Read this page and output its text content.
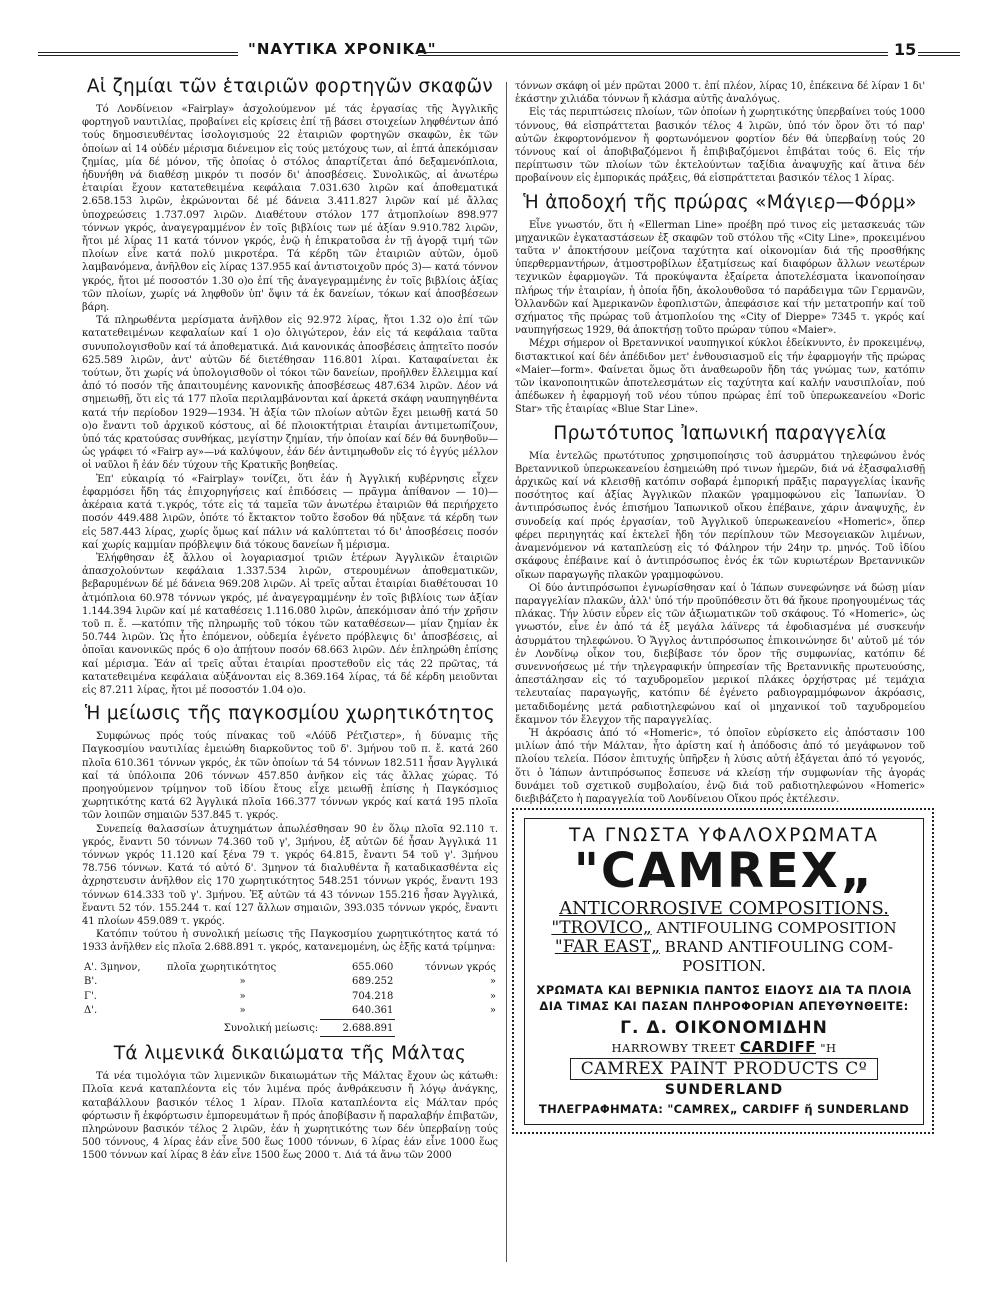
"ΝΑΥΤΙΚΑ ΧΡΟΝΙΚΑ"	15
Αἱ ζημίαι τῶν ἑταιριῶν φορτηγῶν σκαφῶν

Τό Λονδίνειον «Fairplay» ἀσχολούμενον μέ τάς ἐργασίας τῆς Ἀγγλικῆς φορτηγοῦ ναυτιλίας, προβαίνει εἰς κρίσεις ἐπί τῇ βάσει στοιχείων ληφθέντων ἀπό τούς δημοσιευθέντας ἰσολογισμούς 22 ἑταιριῶν φορτηγῶν σκαφῶν, ἐκ τῶν ὁποίων αἱ 14 οὐδέν μέρισμα διένειμον εἰς τούς μετόχους των, αἱ ἑπτά ἀπεκόμισαν ζημίας, μία δέ μόνον, τῆς ὁποίας ὁ στόλος ἀπαρτίζεται ἀπό δεξαμενόπλοια, ἠδυνήθη νά διαθέσῃ μικρόν τι ποσόν δι' ἀποσβέσεις. Συνολικῶς, αἱ ἀνωτέρω ἑταιρίαι ἔχουν κατατεθειμένα κεφάλαια 7.031.630 λιρῶν καί ἀποθεματικά 2.658.153 λιρῶν, ἐκρώνονται δέ μέ δάνεια 3.411.827 λιρῶν καί μέ ἄλλας ὑποχρεώσεις 1.737.097 λιρῶν. Διαθέτουν στόλον 177 ἀτμοπλοίων 898.977 τόννων γκρός, ἀναγεγραμμένον ἐν τοῖς βιβλίοις των μέ ἀξίαν 9.910.782 λιρῶν, ἤτοι μέ λίρας 11 κατά τόννον γκρός, ἐνῷ ἡ ἐπικρατοῦσα ἐν τῇ ἀγορᾷ τιμή τῶν πλοίων εἶνε κατά πολύ μικροτέρα. Τά κέρδη τῶν ἑταιριῶν αὐτῶν, ὁμοῦ λαμβανόμενα, ἀνῆλθον εἰς λίρας 137.955 καί ἀντιστοιχοῦν πρός 3)— κατά τόννον γκρός, ἤτοι μέ ποσοστόν 1.30 ο)ο ἐπί τῆς ἀναγεγραμμένης ἐν τοῖς βιβλίοις ἀξίας τῶν πλοίων, χωρίς νά ληφθοῦν ὑπ' ὄψιν τά ἐκ δανείων, τόκων καί ἀποσβέσεων βάρη.

Τά πληρωθέντα μερίσματα ἀνῆλθον εἰς 92.972 λίρας, ἤτοι 1.32 ο)ο ἐπί τῶν κατατεθειμένων κεφαλαίων καί 1 ο)ο ὀλιγώτερον, ἐάν εἰς τά κεφάλαια ταῦτα συνυπολογισθοῦν καί τά ἀποθεματικά. Διά κανονικάς ἀποσβέσεις ἀπῃτεῖτο ποσόν 625.589 λιρῶν, ἀντ' αὐτῶν δέ διετέθησαν 116.801 λίραι. Καταφαίνεται ἐκ τούτων, ὅτι χωρίς νά ὑπολογισθοῦν οἱ τόκοι τῶν δανείων, προῆλθεν ἔλλειμμα καί ἀπό τό ποσόν τῆς ἀπαιτουμένης κανονικῆς ἀποσβέσεως 487.634 λιρῶν. Δέον νά σημειωθῇ, ὅτι εἰς τά 177 πλοῖα περιλαμβάνονται καί ἀρκετά σκάφη ναυπηγηθέντα κατά τήν περίοδον 1929—1934. Ἡ ἀξία τῶν πλοίων αὐτῶν ἔχει μειωθῇ κατά 50 ο)ο ἔναντι τοῦ ἀρχικοῦ κόστους, αἱ δέ πλοιοκτήτριαι ἑταιρίαι ἀντιμετωπίζουν, ὑπό τάς κρατούσας συνθήκας, μεγίστην ζημίαν, τήν ὁποίαν καί δέν θά δυνηθοῦν—ὡς γράφει τό «Fairp ay»—νά καλύψουν, ἐάν δέν ἀντιμηωθοῦν εἰς τό ἐγγύς μέλλον οἱ ναῦλοι ἤ ἐάν δέν τύχουν τῆς Κρατικῆς βοηθείας.

Ἐπ' εὐκαιρίᾳ τό «Fairplay» τονίζει, ὅτι ἐάν ἡ Ἀγγλική κυβέρνησις εἶχεν ἐφαρμόσει ἤδη τάς ἐπιχορηγήσεις καί ἐπιδόσεις — πρᾶγμα ἀπίθανον — 10)— ἀκέραια κατά τ.γκρός, τότε εἰς τά ταμεῖα τῶν ἀνωτέρω ἑταιριῶν θά περιήρχετο ποσόν 449.488 λιρῶν, ὁπότε τό ἔκτακτον τοῦτο ἔσοδον θά ηὔξανε τά κέρδη των εἰς 587.443 λίρας, χωρίς ὅμως καί πάλιν νά καλύπτεται τό δι' ἀποσβέσεις ποσόν καί χωρίς καμμίαν πρόβλεψιν διά τόκους δανείων ἤ μέρισμα.

Ἐλήφθησαν ἐξ ἄλλου οἱ λογαριασμοί τριῶν ἑτέρων Ἀγγλικῶν ἑταιριῶν ἀπασχολούντων κεφάλαια 1.337.534 λιρῶν, στερουμένων ἀποθεματικῶν, βεβαρυμένων δέ μέ δάνεια 969.208 λιρῶν. Αἱ τρεῖς αὗται ἑταιρίαι διαθέτουσαι 10 ἀτμόπλοια 60.978 τόννων γκρός, μέ ἀναγεγραμμένην ἐν τοῖς βιβλίοις των ἀξίαν 1.144.394 λιρῶν καί μέ καταθέσεις 1.116.080 λιρῶν, ἀπεκόμισαν ἀπό τήν χρῆσιν τοῦ π. ἔ. —κατόπιν τῆς πληρωμῆς τοῦ τόκου τῶν καταθέσεων— μίαν ζημίαν ἐκ 50.744 λιρῶν. Ὡς ἦτο ἑπόμενον, οὐδεμία ἐγένετο πρόβλεψις δι' ἀποσβέσεις, αἱ ὁποῖαι κανονικῶς πρός 6 ο)ο ἀπῄτουν ποσόν 68.663 λιρῶν. Δέν ἐπληρώθη ἐπίσης καί μέρισμα. Ἐάν αἱ τρεῖς αὗται ἑταιρίαι προστεθοῦν εἰς τάς 22 πρῶτας, τά κατατεθειμένα κεφάλαια αὐξάνονται εἰς 8.369.164 λίρας, τά δέ κέρδη μειοῦνται εἰς 87.211 λίρας, ἤτοι μέ ποσοστόν 1.04 ο)ο.

Ἡ μείωσις τῆς παγκοσμίου χωρητικότητος

Συμφώνως πρός τούς πίνακας τοῦ «Λόϋδ Ρέτζιστερ», ἡ δύναμις τῆς Παγκοσμίου ναυτιλίας ἐμειώθη διαρκοῦντος τοῦ δ'. 3μήνου τοῦ π. ἔ. κατά 260 πλοῖα 610.361 τόννων γκρός, ἐκ τῶν ὁποίων τά 54 τόννων 182.511 ἦσαν Ἀγγλικά καί τά ὑπόλοιπα 206 τόννων 457.850 ἀνῆκον εἰς τάς ἄλλας χώρας. Τό προηγούμενον τρίμηνον τοῦ ἰδίου ἔτους εἶχε μειωθῇ ἐπίσης ἡ Παγκόσμιος χωρητικότης κατά 62 Ἀγγλικά πλοῖα 166.377 τόννων γκρός καί κατά 195 πλοῖα τῶν λοιπῶν σημαιῶν 537.845 τ. γκρός.

Συνεπείᾳ θαλασσίων ἀτυχημάτων ἀπωλέσθησαν 90 ἐν ὅλῳ πλοῖα 92.110 τ. γκρός, ἔναντι 50 τόννων 74.360 τοῦ γ', 3μήνου, ἐξ αὐτῶν δέ ἦσαν Ἀγγλικά 11 τόννων γκρός 11.120 καί ξένα 79 τ. γκρός 64.815, ἔναντι 54 τοῦ γ'. 3μήνου 78.756 τόννων. Κατά τό αὐτό δ'. 3μηνον τά διαλυθέντα ἤ καταδικασθέντα εἰς ἀχρηστευσιν ἀνῆλθον εἰς 170 χωρητικότητος 548.251 τόννων γκρός, ἔναντι 193 τόννων 614.333 τοῦ γ'. 3μήνου. Ἐξ αὐτῶν τά 43 τόννων 155.216 ἦσαν Ἀγγλικά, ἔναντι 52 τόν. 155.244 τ. καί 127 ἄλλων σημαιῶν, 393.035 τόννων γκρός, ἔναντι 41 πλοίων 459.089 τ. γκρός.

Κατόπιν τούτου ἡ συνολική μείωσις τῆς Παγκοσμίου χωρητικότητος κατά τό 1933 ἀνῆλθεν εἰς πλοῖα 2.688.891 τ. γκρός, κατανεμομένη, ὡς ἑξῆς κατά τρίμηνα:

Α'. 3μηνον,	πλοῖα χωρητικότητος	655.060	τόννων γκρός
Β'.	»	689.252	»
Γ'.	»	704.218	»
Δ'.	»	640.361	»
	Συνολική μείωσις:	2.688.891	
Τά λιμενικά δικαιώματα τῆς Μάλτας

Τά νέα τιμολόγια τῶν λιμενικῶν δικαιωμάτων τῆς Μάλτας ἔχουν ὡς κάτωθι: Πλοῖα κενά καταπλέοντα εἰς τόν λιμένα πρός ἀνθράκευσιν ἤ λόγῳ ἀνάγκης, καταβάλλουν βασικόν τέλος 1 λίραν. Πλοῖα καταπλέοντα εἰς Μάλταν πρός φόρτωσιν ἤ ἐκφόρτωσιν ἐμπορευμάτων ἤ πρός ἀποβίβασιν ἤ παραλαβήν ἐπιβατῶν, πληρώνουν βασικόν τέλος 2 λιρῶν, ἐάν ἡ χωρητικότης των δέν ὑπερβαίνῃ τούς 500 τόννους, 4 λίρας ἐάν εἶνε 500 ἕως 1000 τόννων, 6 λίρας ἐάν εἶνε 1000 ἕως 1500 τόννων καί λίρας 8 ἐάν εἶνε 1500 ἕως 2000 τ. Διά τά ἄνω τῶν 2000

τόννων σκάφη οἱ μέν πρῶται 2000 τ. ἐπί πλέον, λίρας 10, ἐπέκεινα δέ λίραν 1 δι' ἑκάστην χιλιάδα τόννων ἤ κλάσμα αὐτῆς ἀναλόγως.

Εἰς τάς περιπτώσεις πλοίων, τῶν ὁποίων ἡ χωρητικότης ὑπερβαίνει τούς 1000 τόννους, θά εἰσπράττεται βασικόν τέλος 4 λιρῶν, ὑπό τόν ὅρον ὅτι τό παρ' αὐτῶν ἐκφορτονόμενον ἤ φορτωνόμενον φορτίον δέν θά ὑπερβαίνῃ τούς 20 τόννους καί οἱ ἀποβιβαζόμενοι ἤ ἐπιβιβαζόμενοι ἐπιβάται τούς 6. Εἰς τήν περίπτωσιν τῶν πλοίων τῶν ἐκτελούντων ταξίδια ἀναψυχῆς καί ἅτινα δέν προβαίνουν εἰς ἐμπορικάς πράξεις, θά εἰσπράττεται βασικόν τέλος 1 λίρας.

Ἡ ἀποδοχή τῆς πρώρας «Μάγιερ—Φόρμ»

Εἶνε γνωστόν, ὅτι ἡ «Ellerman Line» προέβη πρό τινος εἰς μετασκευάς τῶν μηχανικῶν ἐγκαταστάσεων ἐξ σκαφῶν τοῦ στόλου τῆς «City Line», προκειμένου ταῦτα ν' ἀποκτήσουν μείζονα ταχύτητα καί οἰκονομίαν διά τῆς προσθήκης ὑπερθερμαντήρων, ἀτμοστροβίλων ἐξατμίσεως καί διαφόρων ἄλλων νεωτέρων τεχνικῶν ἐφαρμογῶν. Τά προκύψαντα ἐξαίρετα ἀποτελέσματα ἱκανοποίησαν πλήρως τήν ἑταιρίαν, ἡ ὁποία ἤδη, ἀκολουθοῦσα τό παράδειγμα τῶν Γερμανῶν, Ὀλλανδῶν καί Ἀμερικανῶν ἐφοπλιστῶν, ἀπεφάσισε καί τήν μετατροπήν καί τοῦ σχήματος τῆς πρώρας τοῦ ἀτμοπλοίου της «City of Dieppe» 7345 τ. γκρός καί ναυπηγήσεως 1929, θά ἀποκτήσῃ τοῦτο πρώραν τύπου «Maier».

Μέχρι σήμερον οἱ Βρεταννικοί ναυπηγικοί κύκλοι ἐδείκνυντο, ἐν προκειμένῳ, διστακτικοί καί δέν ἀπέδιδον μετ' ἐνθουσιασμοῦ εἰς τήν ἐφαρμογήν τῆς πρώρας «Maier—form». Φαίνεται ὅμως ὅτι ἀναθεωροῦν ἤδη τάς γνώμας των, κατόπιν τῶν ἱκανοποιητικῶν ἀποτελεσμάτων εἰς ταχύτητα καί καλήν ναυσιπλοΐαν, πού ἀπέδωκεν ἡ ἐφαρμογή τοῦ νέου τύπου πρώρας ἐπί τοῦ ὑπερωκεανείου «Doric Star» τῆς ἑταιρίας «Blue Star Line».

Πρωτότυπος Ἰαπωνική παραγγελία

Μία ἐντελῶς πρωτότυπος χρησιμοποίησις τοῦ ἀσυρμάτου τηλεφώνου ἑνός Βρεταννικοῦ ὑπερωκεανείου ἐσημειώθη πρό τινων ἡμερῶν, διά νά ἐξασφαλισθῇ ἀρχικῶς καί νά κλεισθῇ κατόπιν σοβαρά ἐμπορική πρᾶξις παραγγελίας ἱκανῆς ποσότητος καί ἀξίας Ἀγγλικῶν πλακῶν γραμμοφώνου εἰς Ἰαπωνίαν. Ὁ ἀντιπρόσωπος ἑνός ἐπισήμου Ἰαπωνικοῦ οἴκου ἐπέβαινε, χάριν ἀναψυχῆς, ἐν συνοδείᾳ καί πρός ἐργασίαν, τοῦ Ἀγγλικοῦ ὑπερωκεανείου «Homeric», ὅπερ φέρει περιηγητάς καί ἐκτελεῖ ἤδη τόν περίπλουν τῶν Μεσογειακῶν λιμένων, ἀναμενόμενον νά καταπλεύσῃ εἰς τό Φάληρον τήν 24ην τρ. μηνός. Τοῦ ἰδίου σκάφους ἐπέβαινε καί ὁ ἀντιπρόσωπος ἑνός ἐκ τῶν κυριωτέρων Βρεταννικῶν οἴκων παραγωγῆς πλακῶν γραμμοφώνου.

Οἱ δύο ἀντιπρόσωποι ἐγνωρίσθησαν καί ὁ Ἰάπων συνεφώνησε νά δώσῃ μίαν παραγγελίαν πλακῶν, ἀλλ' ὑπό τήν προϋπόθεσιν ὅτι θά ἤκουε προηγουμένως τάς πλάκας. Τήν λύσιν εὗρεν εἰς τῶν ἀξιωματικῶν τοῦ σκάφους. Τό «Homeric», ὡς γνωστόν, εἶνε ἐν ἀπό τά ἐξ μεγάλα λάϊνερς τά ἐφοδιασμένα μέ συσκευήν ἀσυρμάτου τηλεφώνου. Ὁ Ἄγγλος ἀντιπρόσωπος ἐπικοινώνησε δι' αὐτοῦ μέ τόν ἐν Λονδίνῳ οἶκον του, διεβίβασε τόν ὅρον τῆς συμφωνίας, κατόπιν δέ συνεννοήσεως μέ τήν τηλεγραφικήν ὑπηρεσίαν τῆς Βρεταννικῆς πρωτευούσης, ἀπεστάλησαν εἰς τό ταχυδρομεῖον μερικοί πλάκες ὀρχήστρας μέ τεμάχια τελευταίας παραγωγῆς, κατόπιν δέ ἐγένετο ραδιογραμμόφωνον ἀκρόασις, μεταδιδομένης μετά ραδιοτηλεφώνου καί οἱ μηχανικοί τοῦ ταχυδρομείου ἔκαμνον τόν ἔλεγχον τῆς παραγγελίας.

Ἡ ἀκρόασις ἀπό τό «Homeric», τό ὁποῖον εὑρίσκετο εἰς ἀπόστασιν 100 μιλίων ἀπό τήν Μάλταν, ἦτο ἀρίστη καί ἡ ἀπόδοσις ἀπό τό μεγάφωνον τοῦ πλοίου τελεία. Πόσον ἐπιτυχής ὑπῆρξεν ἡ λύσις αὐτή ἐξάγεται ἀπό τό γεγονός, ὅτι ὁ Ἰάπων ἀντιπρόσωπος ἔσπευσε νά κλείσῃ τήν συμφωνίαν τῆς ἀγοράς δυνάμει τοῦ σχετικοῦ συμβολαίου, ἐνῷ διά τοῦ ραδιοτηλεφώνου «Homeric» διεβιβάζετο ἡ παραγγελία τοῦ Λονδίνειου Οἴκου πρός ἐκτέλεσιν.

ΤΑ ΓΝΩΣΤΑ ΥΦΑΛΟΧΡΩΜΑΤΑ
"CAMREX„
ANTICORROSIVE COMPOSITIONS.
"TROVICO„ ANTIFOULING COMPOSITION
"FAR EAST„ BRAND ANTIFOULING COM-
POSITION.
ΧΡΩΜΑΤΑ ΚΑΙ ΒΕΡΝΙΚΙΑ ΠΑΝΤΟΣ ΕΙΔΟΥΣ ΔΙΑ ΤΑ ΠΛΟΙΑ
ΔΙΑ ΤΙΜΑΣ ΚΑΙ ΠΑΣΑΝ ΠΛΗΡΟΦΟΡΙΑΝ ΑΠΕΥΘΥΝΘΕΙΤΕ:
Γ. Δ. ΟΙΚΟΝΟΜΙΔΗΝ
HARROWBY TREET CARDIFF "Η
CAMREX PAINT PRODUCTS Cº
SUNDERLAND
ΤΗΛΕΓΡΑΦΗΜΑΤΑ: "CAMREX„ CARDIFF ἤ SUNDERLAND
